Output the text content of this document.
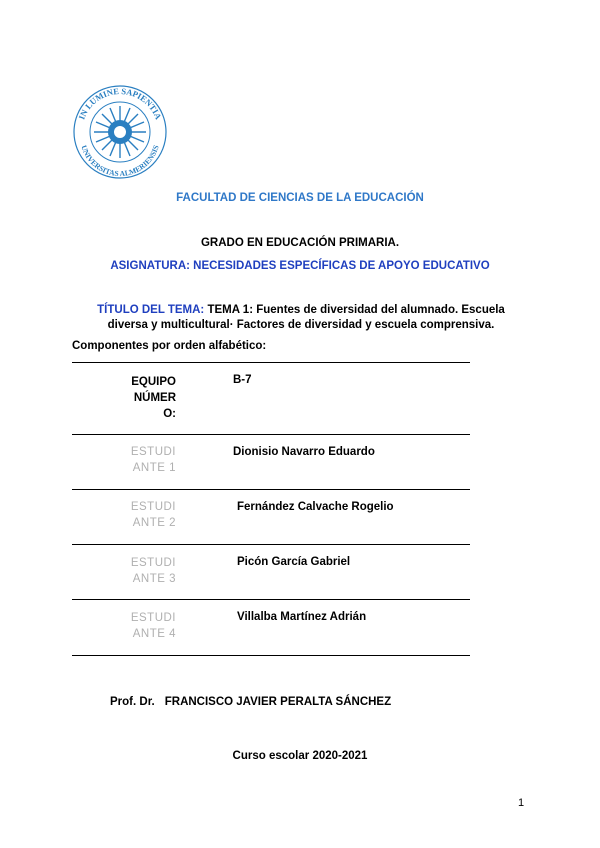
IN LUMINE SAPIENTIA
UNIVERSITAS ALMERIENSIS
FACULTAD DE CIENCIAS DE LA EDUCACIÓN
GRADO EN EDUCACIÓN PRIMARIA.
ASIGNATURA: NECESIDADES ESPECÍFICAS DE APOYO EDUCATIVO
TÍTULO DEL TEMA: TEMA 1: Fuentes de diversidad del alumnado. Escuela diversa y multicultural· Factores de diversidad y escuela comprensiva.
Componentes por orden alfabético:
EQUIPO
NÚMER
O:
B-7
ESTUDI
ANTE 1
Dionisio Navarro Eduardo
ESTUDI
ANTE 2
Fernández Calvache Rogelio
ESTUDI
ANTE 3
Picón García Gabriel
ESTUDI
ANTE 4
Villalba Martínez Adrián
Prof. Dr. FRANCISCO JAVIER PERALTA SÁNCHEZ
Curso escolar 2020-2021
1
